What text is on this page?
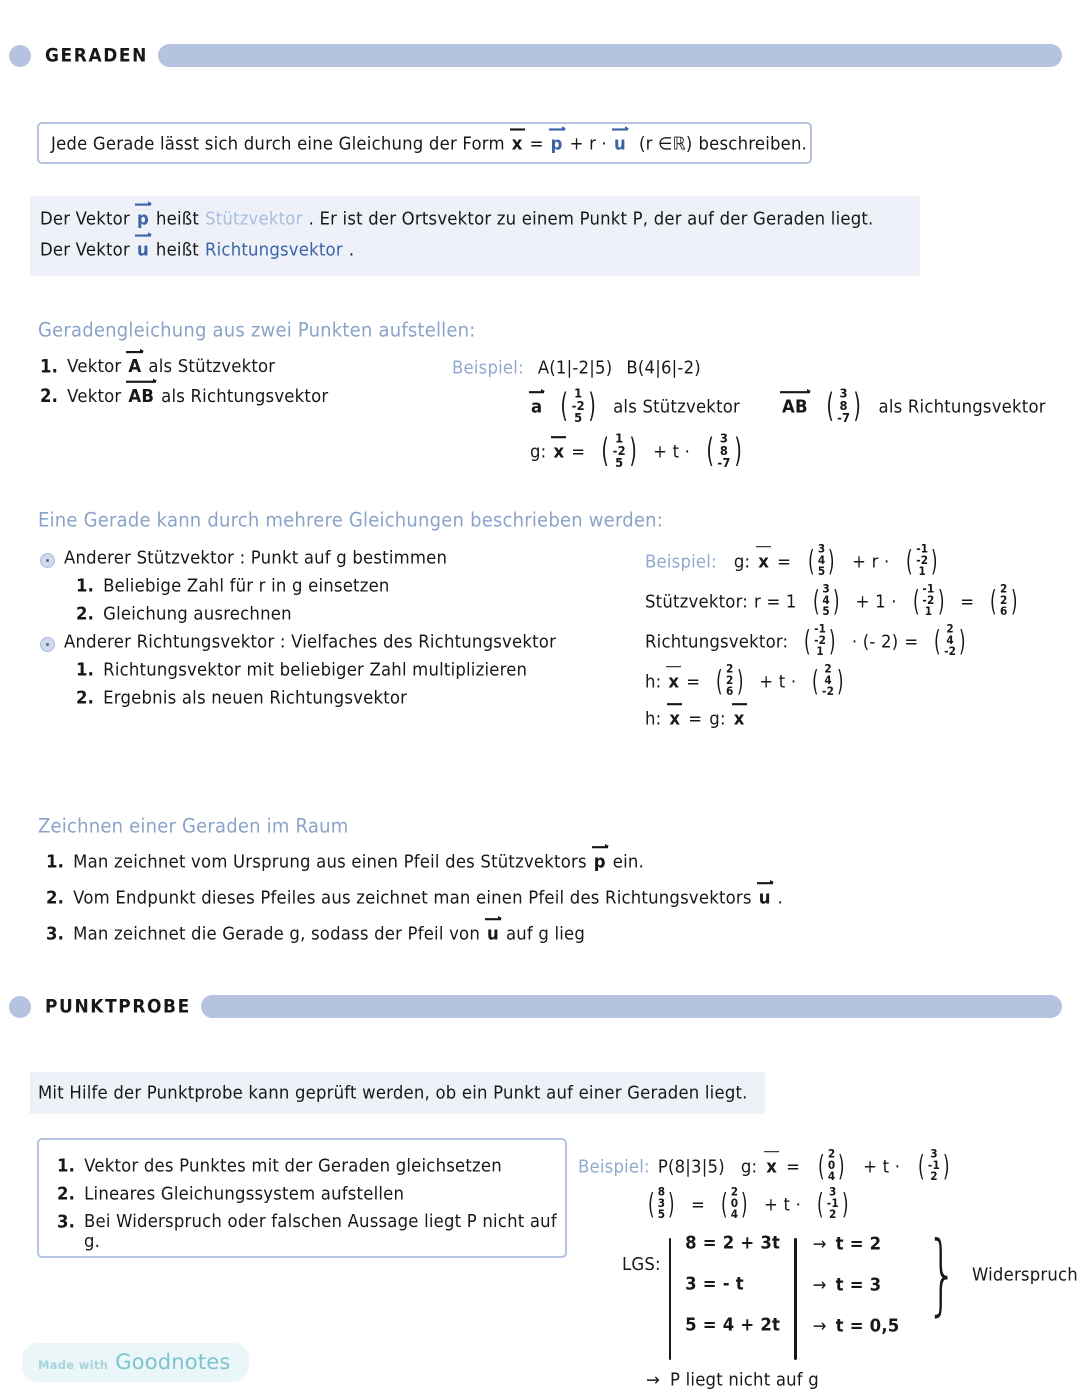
GERADEN
Jede Gerade lässt sich durch eine Gleichung der Form x = p + r · u (r ∈ℝ) beschreiben.
Der Vektor p heißt Stützvektor . Er ist der Ortsvektor zu einem Punkt P, der auf der Geraden liegt.
Der Vektor u heißt Richtungsvektor .
Geradengleichung aus zwei Punkten aufstellen:
1. Vektor A als Stützvektor
2. Vektor AB als Richtungsvektor
Beispiel: A(1|-2|5) B(4|6|-2)
a ( 1
-2
5 ) als Stützvektor	AB ( 3
8
-7 ) als Richtungsvektor
g: x = ( 1
-2
5 ) + t · ( 3
8
-7 )
Eine Gerade kann durch mehrere Gleichungen beschrieben werden:
Anderer Stützvektor : Punkt auf g bestimmen
1. Beliebige Zahl für r in g einsetzen
2. Gleichung ausrechnen
Anderer Richtungsvektor : Vielfaches des Richtungsvektor
1. Richtungsvektor mit beliebiger Zahl multiplizieren
2. Ergebnis als neuen Richtungsvektor
Beispiel: g: x = ( 3
4
5 ) + r · ( -1
-2
1 )
Stützvektor: r = 1 ( 3
4
5 ) + 1 · ( -1
-2
1 ) = ( 2
2
6 )
Richtungsvektor: ( -1
-2
1 ) · (- 2) = ( 2
4
-2 )
h: x = ( 2
2
6 ) + t · ( 2
4
-2 )
h: x = g: x
Zeichnen einer Geraden im Raum
1. Man zeichnet vom Ursprung aus einen Pfeil des Stützvektors p ein.
2. Vom Endpunkt dieses Pfeiles aus zeichnet man einen Pfeil des Richtungsvektors u .
3. Man zeichnet die Gerade g, sodass der Pfeil von u auf g lieg
PUNKTPROBE
Mit Hilfe der Punktprobe kann geprüft werden, ob ein Punkt auf einer Geraden liegt.
1. Vektor des Punktes mit der Geraden gleichsetzen
2. Lineares Gleichungssystem aufstellen
3. Bei Widerspruch oder falschen Aussage liegt P nicht auf g.
Beispiel: P(8|3|5) g: x = ( 2
0
4 ) + t · ( 3
-1
2 )
( 8
3
5 ) = ( 2
0
4 ) + t · ( 3
-1
2 )
LGS:
8 = 2 + 3t
3 = - t
5 = 4 + 2t
→ t = 2
→ t = 3
→ t = 0,5
} Widerspruch
→ P liegt nicht auf g
Made with Goodnotes
